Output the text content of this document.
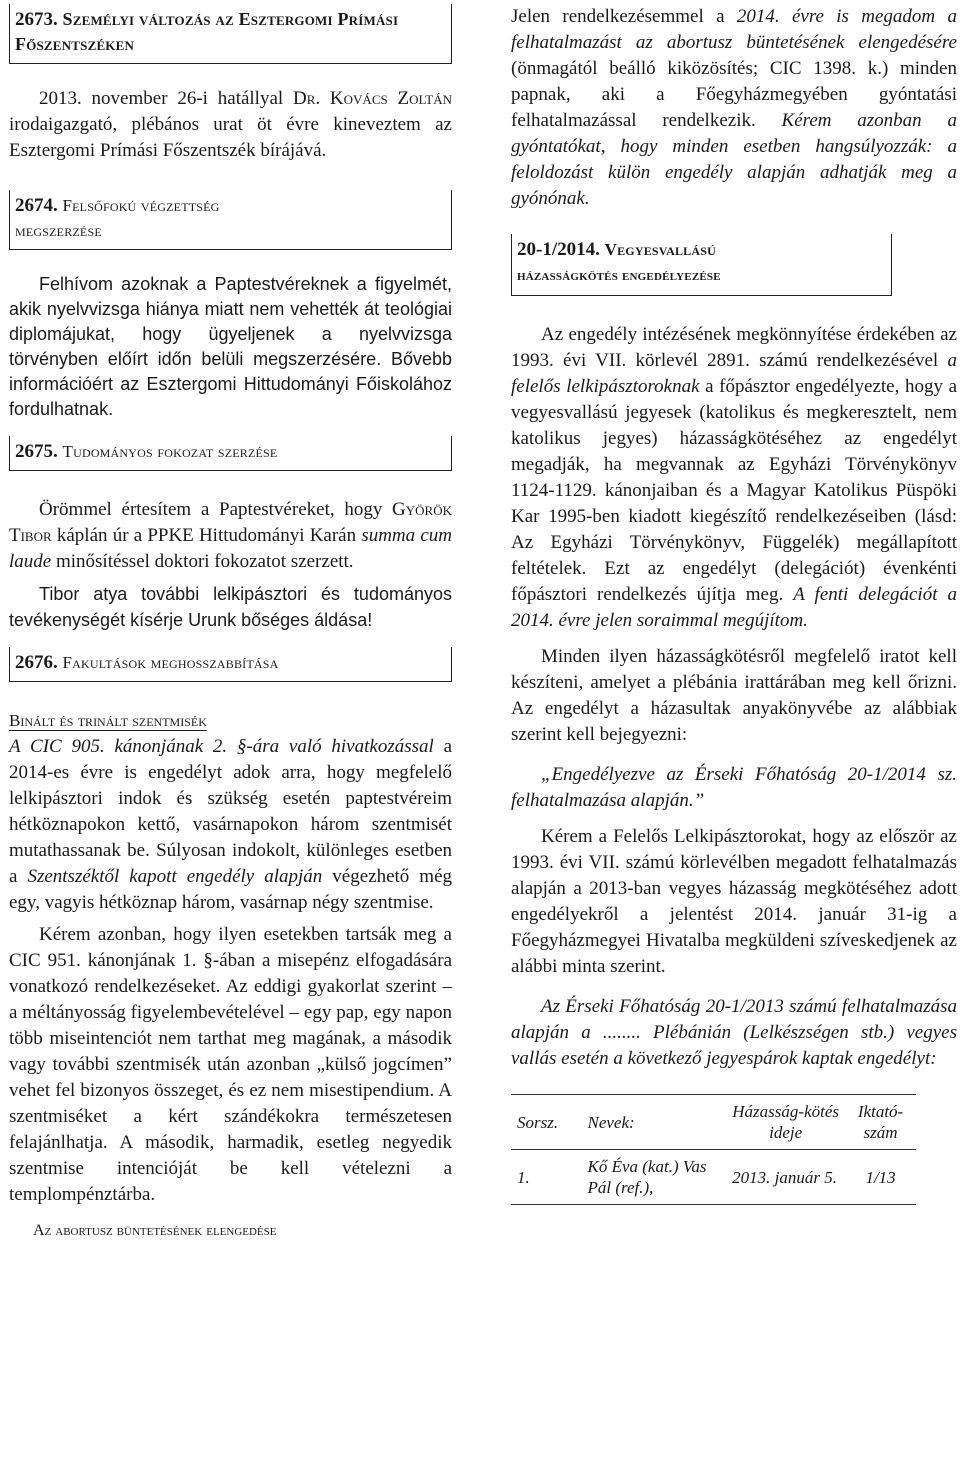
2673. Személyi változás az Esztergomi Prímási Főszentszéken

2013. november 26-i hatállyal Dr. Kovács Zoltán irodaigazgató, plébános urat öt évre kineveztem az Esztergomi Prímási Főszentszék bírájává.

2674. Felsőfokú végzettség
megszerzése

Felhívom azoknak a Paptestvéreknek a figyelmét, akik nyelvvizsga hiánya miatt nem vehették át teológiai diplomájukat, hogy ügyeljenek a nyelvvizsga törvényben előírt időn belüli megszerzésére. Bővebb információért az Esztergomi Hittudományi Főiskolához fordulhatnak.

2675. Tudományos fokozat szerzése

Örömmel értesítem a Paptestvéreket, hogy Györök Tibor káplán úr a PPKE Hittudományi Karán summa cum laude minősítéssel doktori fokozatot szerzett.

Tibor atya további lelkipásztori és tudományos tevékenységét kísérje Urunk bőséges áldása!

2676. Fakultások meghosszabbítása
Binált és trinált szentmisék

A CIC 905. kánonjának 2. §-ára való hivatkozással a 2014-es évre is engedélyt adok arra, hogy megfelelő lelkipásztori indok és szükség esetén paptestvéreim hétköznapokon kettő, vasárnapokon három szentmisét mutathassanak be. Súlyosan indokolt, különleges esetben a Szentszéktől kapott engedély alapján végezhető még egy, vagyis hétköznap három, vasárnap négy szentmise.

Kérem azonban, hogy ilyen esetekben tartsák meg a CIC 951. kánonjának 1. §-ában a misepénz elfogadására vonatkozó rendelkezéseket. Az eddigi gyakorlat szerint – a méltányosság figyelembevételével – egy pap, egy napon több miseintenciót nem tarthat meg magának, a második vagy további szentmisék után azonban „külső jogcímen” vehet fel bizonyos összeget, és ez nem misestipendium. A szentmiséket a kért szándékokra természetesen felajánlhatja. A második, harmadik, esetleg negyedik szentmise intencióját be kell vételezni a templompénztárba.

Az abortusz büntetésének elengedése

Jelen rendelkezésemmel a 2014. évre is megadom a felhatalmazást az abortusz büntetésének elengedésére (önmagától beálló kiközösítés; CIC 1398. k.) minden papnak, aki a Főegyházmegyében gyóntatási felhatalmazással rendelkezik. Kérem azonban a gyóntatókat, hogy minden esetben hangsúlyozzák: a feloldozást külön engedély alapján adhatják meg a gyónónak.

20-1/2014. Vegyesvallású
házasságkötés engedélyezése

Az engedély intézésének megkönnyítése érdekében az 1993. évi VII. körlevél 2891. számú rendelkezésével a felelős lelkipásztoroknak a főpásztor engedélyezte, hogy a vegyesvallású jegyesek (katolikus és megkeresztelt, nem katolikus jegyes) házasságkötéséhez az engedélyt megadják, ha megvannak az Egyházi Törvénykönyv 1124-1129. kánonjaiban és a Magyar Katolikus Püspöki Kar 1995-ben kiadott kiegészítő rendelkezéseiben (lásd: Az Egyházi Törvénykönyv, Függelék) megállapított feltételek. Ezt az engedélyt (delegációt) évenkénti főpásztori rendelkezés újítja meg. A fenti delegációt a 2014. évre jelen soraimmal megújítom.

Minden ilyen házasságkötésről megfelelő iratot kell készíteni, amelyet a plébánia irattárában meg kell őrizni. Az engedélyt a házasultak anyakönyvébe az alábbiak szerint kell bejegyezni:

„Engedélyezve az Érseki Főhatóság 20-1/2014 sz. felhatalmazása alapján.”

Kérem a Felelős Lelkipásztorokat, hogy az először az 1993. évi VII. számú körlevélben megadott felhatalmazás alapján a 2013-ban vegyes házasság megkötéséhez adott engedélyekről a jelentést 2014. január 31-ig a Főegyházmegyei Hivatalba megküldeni szíveskedjenek az alábbi minta szerint.

Az Érseki Főhatóság 20-1/2013 számú felhatalmazása alapján a ........ Plébánián (Lelkészségen stb.) vegyes vallás esetén a következő jegyespárok kaptak engedélyt:

Sorsz.	Nevek:	Házasság-kötés ideje	Iktató-szám
1.	Kő Éva (kat.) Vas Pál (ref.),	2013. január 5.	1/13
